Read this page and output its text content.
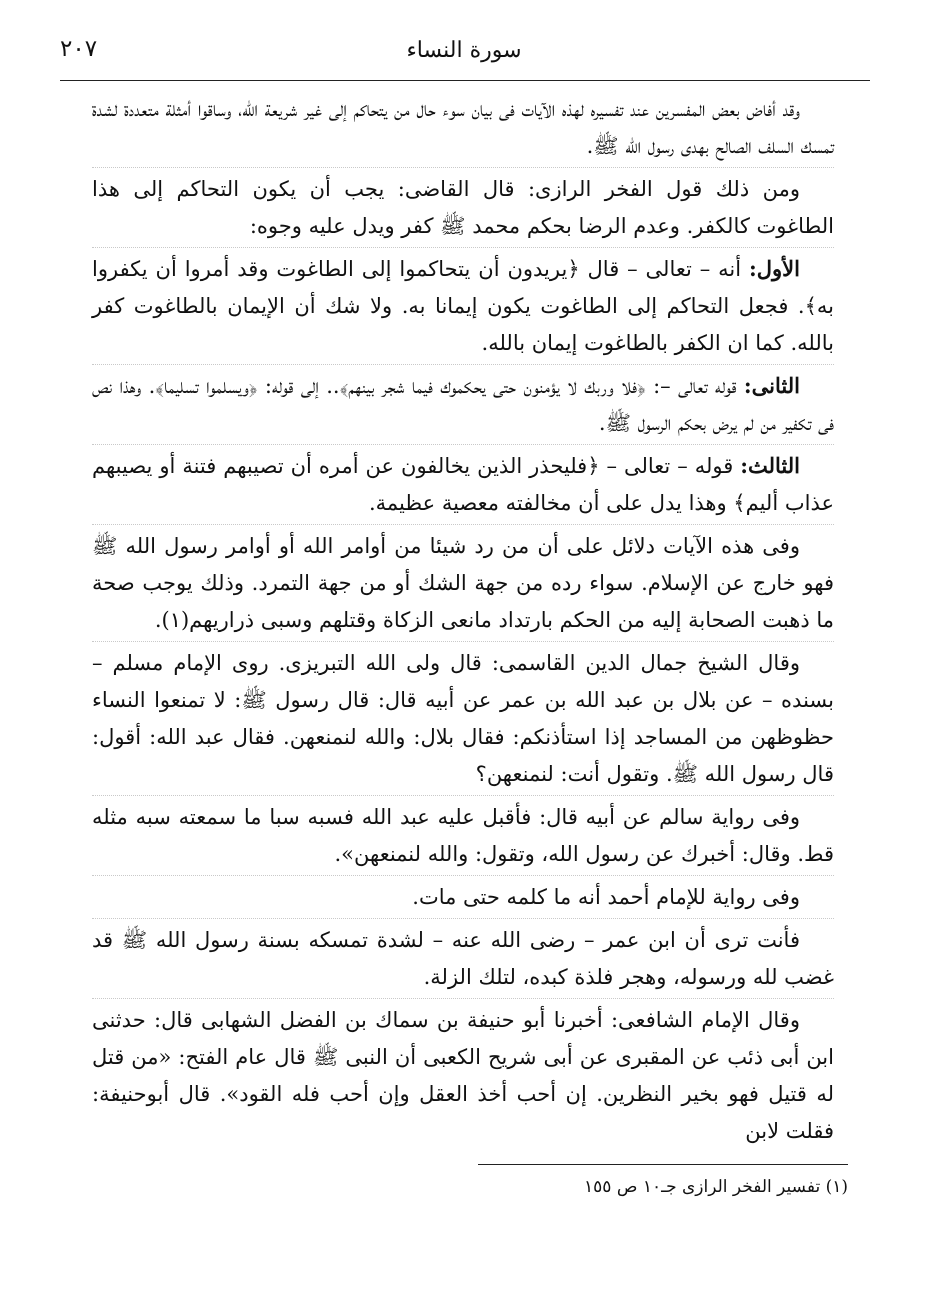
سورة النساء
٢٠٧

وقد أفاض بعض المفسرين عند تفسيره لهذه الآيات فى بيان سوء حال من يتحاكم إلى غير شريعة الله، وساقوا أمثلة متعددة لشدة تمسك السلف الصالح بهدى رسول الله ﷺ.

ومن ذلك قول الفخر الرازى: قال القاضى: يجب أن يكون التحاكم إلى هذا الطاغوت كالكفر. وعدم الرضا بحكم محمد ﷺ كفر ويدل عليه وجوه:

الأول: أنه – تعالى – قال ﴿يريدون أن يتحاكموا إلى الطاغوت وقد أمروا أن يكفروا به﴾. فجعل التحاكم إلى الطاغوت يكون إيمانا به. ولا شك أن الإيمان بالطاغوت كفر بالله. كما ان الكفر بالطاغوت إيمان بالله.

الثانى: قوله تعالى –: ﴿فلا وربك لا يؤمنون حتى يحكموك فيما شجر بينهم﴾.. إلى قوله: ﴿ويسلموا تسليما﴾. وهذا نص فى تكفير من لم يرض بحكم الرسول ﷺ.

الثالث: قوله – تعالى – ﴿فليحذر الذين يخالفون عن أمره أن تصيبهم فتنة أو يصيبهم عذاب أليم﴾ وهذا يدل على أن مخالفته معصية عظيمة.

وفى هذه الآيات دلائل على أن من رد شيئا من أوامر الله أو أوامر رسول الله ﷺ فهو خارج عن الإسلام. سواء رده من جهة الشك أو من جهة التمرد. وذلك يوجب صحة ما ذهبت الصحابة إليه من الحكم بارتداد مانعى الزكاة وقتلهم وسبى ذراريهم(١).

وقال الشيخ جمال الدين القاسمى: قال ولى الله التبريزى. روى الإمام مسلم – بسنده – عن بلال بن عبد الله بن عمر عن أبيه قال: قال رسول ﷺ: لا تمنعوا النساء حظوظهن من المساجد إذا استأذنكم: فقال بلال: والله لنمنعهن. فقال عبد الله: أقول: قال رسول الله ﷺ. وتقول أنت: لنمنعهن؟

وفى رواية سالم عن أبيه قال: فأقبل عليه عبد الله فسبه سبا ما سمعته سبه مثله قط. وقال: أخبرك عن رسول الله، وتقول: والله لنمنعهن».

وفى رواية للإمام أحمد أنه ما كلمه حتى مات.

فأنت ترى أن ابن عمر – رضى الله عنه – لشدة تمسكه بسنة رسول الله ﷺ قد غضب لله ورسوله، وهجر فلذة كبده، لتلك الزلة.

وقال الإمام الشافعى: أخبرنا أبو حنيفة بن سماك بن الفضل الشهابى قال: حدثنى ابن أبى ذئب عن المقبرى عن أبى شريح الكعبى أن النبى ﷺ قال عام الفتح: «من قتل له قتيل فهو بخير النظرين. إن أحب أخذ العقل وإن أحب فله القود». قال أبوحنيفة: فقلت لابن

(١) تفسير الفخر الرازى جـ١٠ ص ١٥٥
